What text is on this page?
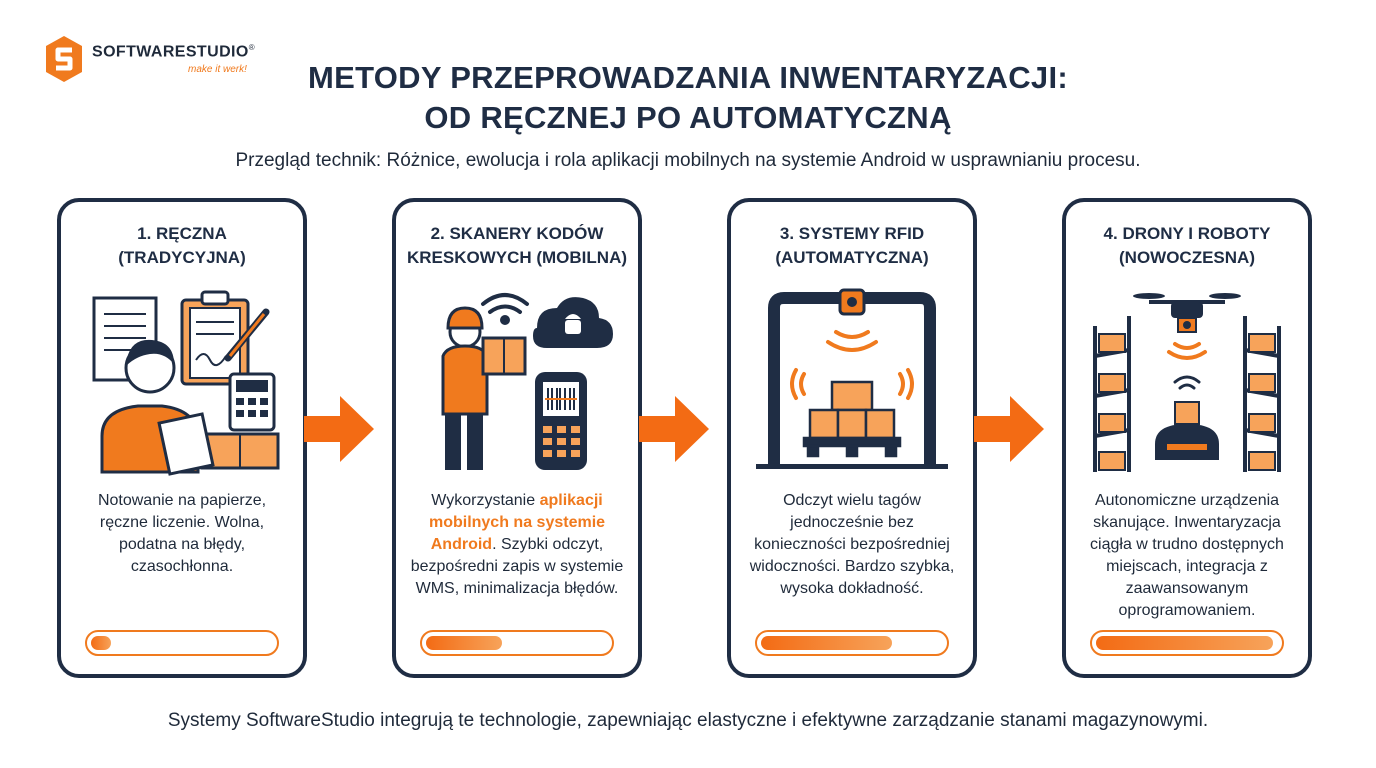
SOFTWARESTUDIO®
make it werk!	METODY PRZEPROWADZANIA INWENTARYZACJI:
OD RĘCZNEJ PO AUTOMATYCZNĄ
Przegląd technik: Różnice, ewolucja i rola aplikacji mobilnych na systemie Android w usprawnianiu procesu.
1. RĘCZNA
(TRADYCYJNA)
Notowanie na papierze, ręczne liczenie. Wolna, podatna na błędy, czasochłonna.
2. SKANERY KODÓW
KRESKOWYCH (MOBILNA)
Wykorzystanie aplikacji mobilnych na systemie Android. Szybki odczyt, bezpośredni zapis w systemie WMS, minimalizacja błędów.
3. SYSTEMY RFID
(AUTOMATYCZNA)
Odczyt wielu tagów jednocześnie bez konieczności bezpośredniej widoczności. Bardzo szybka, wysoka dokładność.
4. DRONY I ROBOTY
(NOWOCZESNA)
Autonomiczne urządzenia skanujące. Inwentaryzacja ciągła w trudno dostępnych miejscach, integracja z zaawansowanym oprogramowaniem.
Systemy SoftwareStudio integrują te technologie, zapewniając elastyczne i efektywne zarządzanie stanami magazynowymi.
